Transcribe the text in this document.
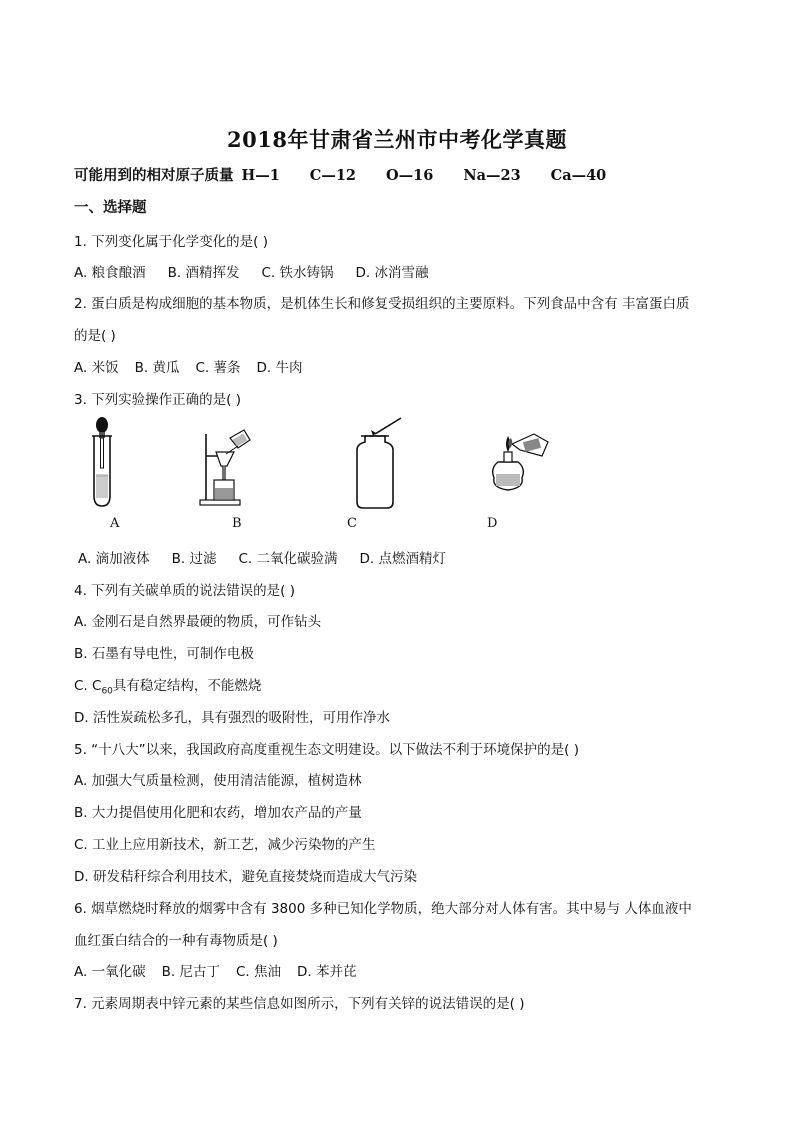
2018年甘肃省兰州市中考化学真题
可能用到的相对原子质量 H—1 C—12 O—16 Na—23 Ca—40
一、选择题
1. 下列变化属于化学变化的是( )
A. 粮食酿酒 B. 酒精挥发 C. 铁水铸锅 D. 冰消雪融
2. 蛋白质是构成细胞的基本物质，是机体生长和修复受损组织的主要原料。下列食品中含有 丰富蛋白质
的是( )
A. 米饭 B. 黄瓜 C. 薯条 D. 牛肉
3. 下列实验操作正确的是( )
A	B	C	D
A. 滴加液体 B. 过滤 C. 二氧化碳验满 D. 点燃酒精灯
4. 下列有关碳单质的说法错误的是( )
A. 金刚石是自然界最硬的物质，可作钻头
B. 石墨有导电性，可制作电极
C. $C_{60}$具有稳定结构，不能燃烧
D. 活性炭疏松多孔，具有强烈的吸附性，可用作净水
5. “十八大”以来，我国政府高度重视生态文明建设。以下做法不利于环境保护的是( )
A. 加强大气质量检测，使用清洁能源，植树造林
B. 大力提倡使用化肥和农药，增加农产品的产量
C. 工业上应用新技术，新工艺，减少污染物的产生
D. 研发秸秆综合利用技术，避免直接焚烧而造成大气污染
6. 烟草燃烧时释放的烟雾中含有 3800 多种已知化学物质，绝大部分对人体有害。其中易与 人体血液中
血红蛋白结合的一种有毒物质是( )
A. 一氧化碳 B. 尼古丁 C. 焦油 D. 苯并芘
7. 元素周期表中锌元素的某些信息如图所示，下列有关锌的说法错误的是( )
